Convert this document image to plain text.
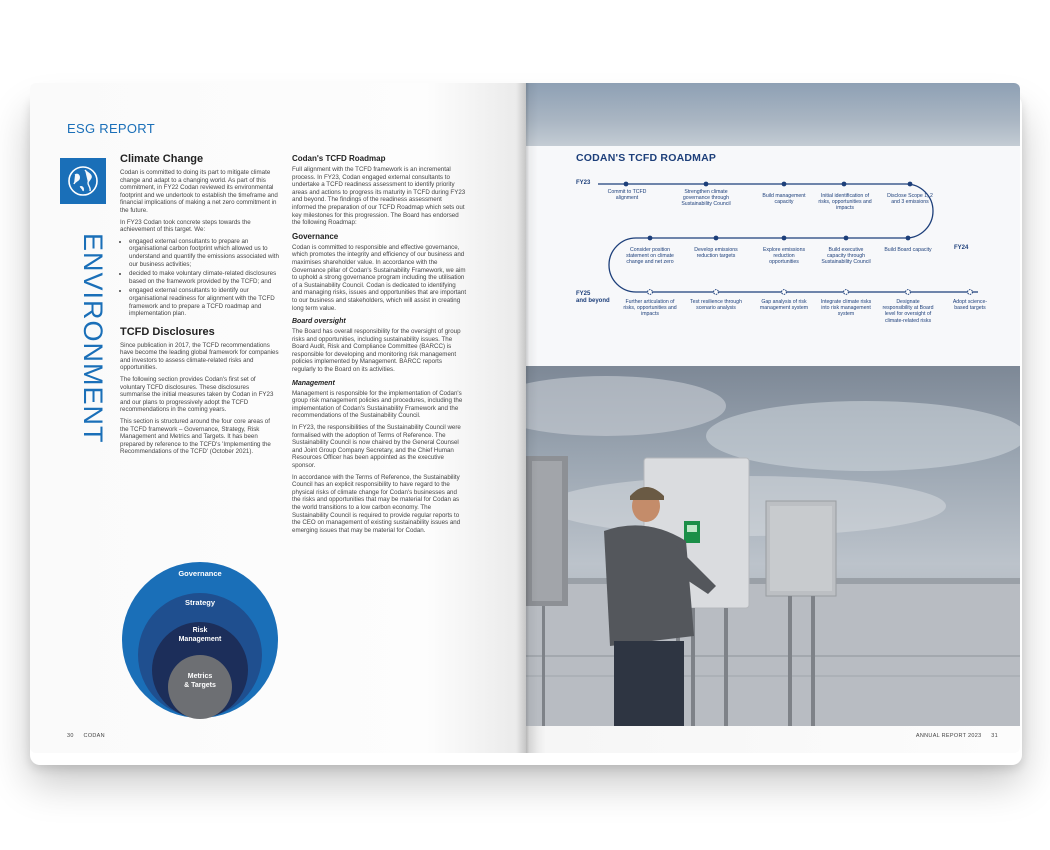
ESG REPORT
ENVIRONMENT
Climate Change

Codan is committed to doing its part to mitigate climate change and adapt to a changing world. As part of this commitment, in FY22 Codan reviewed its environmental footprint and we undertook to establish the timeframe and financial implications of making a net zero commitment in the future.

In FY23 Codan took concrete steps towards the achievement of this target. We:

• engaged external consultants to prepare an organisational carbon footprint which allowed us to understand and quantify the emissions associated with our business activities;
• decided to make voluntary climate-related disclosures based on the framework provided by the TCFD; and
• engaged external consultants to identify our organisational readiness for alignment with the TCFD framework and to prepare a TCFD roadmap and implementation plan.
TCFD Disclosures

Since publication in 2017, the TCFD recommendations have become the leading global framework for companies and investors to assess climate-related risks and opportunities.

The following section provides Codan's first set of voluntary TCFD disclosures. These disclosures summarise the initial measures taken by Codan in FY23 and our plans to progressively adopt the TCFD recommendations in the coming years.

This section is structured around the four core areas of the TCFD framework – Governance, Strategy, Risk Management and Metrics and Targets. It has been prepared by reference to the TCFD's 'Implementing the Recommendations of the TCFD' (October 2021).

Governance
Strategy
Risk
Management
Metrics
& Targets
Codan's TCFD Roadmap

Full alignment with the TCFD framework is an incremental process. In FY23, Codan engaged external consultants to undertake a TCFD readiness assessment to identify priority areas and actions to progress its maturity in TCFD during FY23 and beyond. The findings of the readiness assessment informed the preparation of our TCFD Roadmap which sets out key milestones for this progression. The Board has endorsed the following Roadmap:

Governance

Codan is committed to responsible and effective governance, which promotes the integrity and efficiency of our business and maximises shareholder value. In accordance with the Governance pillar of Codan's Sustainability Framework, we aim to uphold a strong governance program including the utilisation of a Sustainability Council. Codan is dedicated to identifying and managing risks, issues and opportunities that are important to our business and stakeholders, which will assist in creating long term value.

Board oversight

The Board has overall responsibility for the oversight of group risks and opportunities, including sustainability issues. The Board Audit, Risk and Compliance Committee (BARCC) is responsible for developing and monitoring risk management policies implemented by Management. BARCC reports regularly to the Board on its activities.

Management

Management is responsible for the implementation of Codan's group risk management policies and procedures, including the implementation of Codan's Sustainability Framework and the recommendations of the Sustainability Council.

In FY23, the responsibilities of the Sustainability Council were formalised with the adoption of Terms of Reference. The Sustainability Council is now chaired by the General Counsel and Joint Group Company Secretary, and the Chief Human Resources Officer has been appointed as the executive sponsor.

In accordance with the Terms of Reference, the Sustainability Council has an explicit responsibility to have regard to the physical risks of climate change for Codan's businesses and the risks and opportunities that may be material for Codan as the world transitions to a low carbon economy. The Sustainability Council is required to provide regular reports to the CEO on management of existing sustainability issues and emerging issues that may be material for Codan.

30 CODAN
CODAN'S TCFD ROADMAP
FY23
FY24
FY25
and beyond
Commit to TCFD alignment
Strengthen climate governance through Sustainability Council
Build management capacity
Initial identification of risks, opportunities and impacts
Disclose Scope 1, 2 and 3 emissions
Consider position statement on climate change and net zero
Develop emissions reduction targets
Explore emissions reduction opportunities
Build executive capacity through Sustainability Council
Build Board capacity
Further articulation of risks, opportunities and impacts
Test resilience through scenario analysis
Gap analysis of risk management system
Integrate climate risks into risk management system
Designate responsibility at Board level for oversight of climate-related risks
Adopt science-based targets
ANNUAL REPORT 2023 31
